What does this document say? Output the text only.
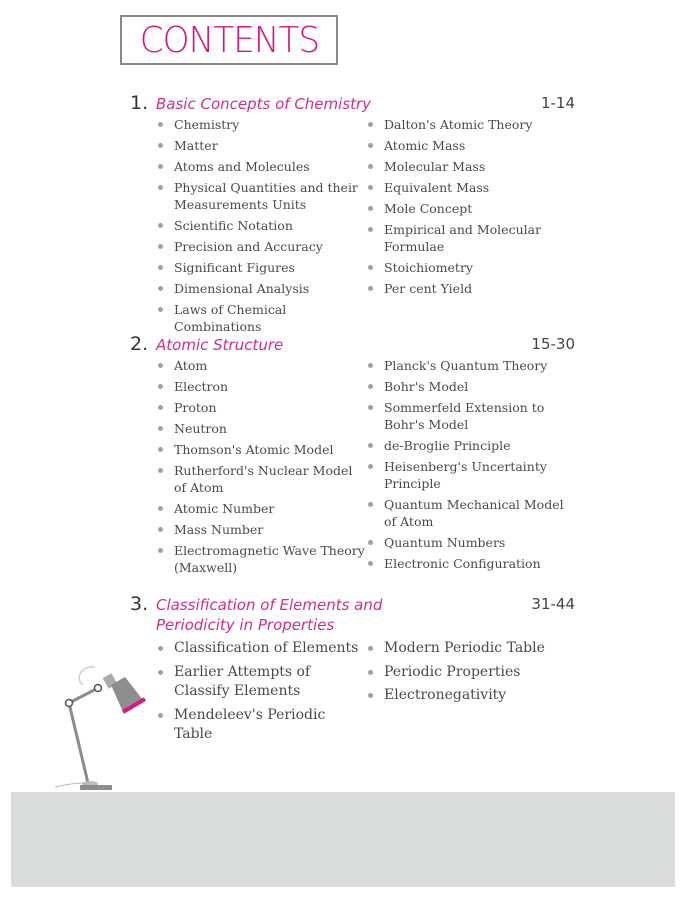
CONTENTS
1. Basic Concepts of Chemistry	1-14
Chemistry
Matter
Atoms and Molecules
Physical Quantities and their Measurements Units
Scientific Notation
Precision and Accuracy
Significant Figures
Dimensional Analysis
Laws of Chemical Combinations
Dalton's Atomic Theory
Atomic Mass
Molecular Mass
Equivalent Mass
Mole Concept
Empirical and Molecular Formulae
Stoichiometry
Per cent Yield
2. Atomic Structure	15-30
Atom
Electron
Proton
Neutron
Thomson's Atomic Model
Rutherford's Nuclear Model of Atom
Atomic Number
Mass Number
Electromagnetic Wave Theory (Maxwell)
Planck's Quantum Theory
Bohr's Model
Sommerfeld Extension to Bohr's Model
de-Broglie Principle
Heisenberg's Uncertainty Principle
Quantum Mechanical Model of Atom
Quantum Numbers
Electronic Configuration
3. Classification of Elements and Periodicity in Properties
31-44
Classification of Elements
Earlier Attempts of Classify Elements
Mendeleev's Periodic Table
Modern Periodic Table
Periodic Properties
Electronegativity
